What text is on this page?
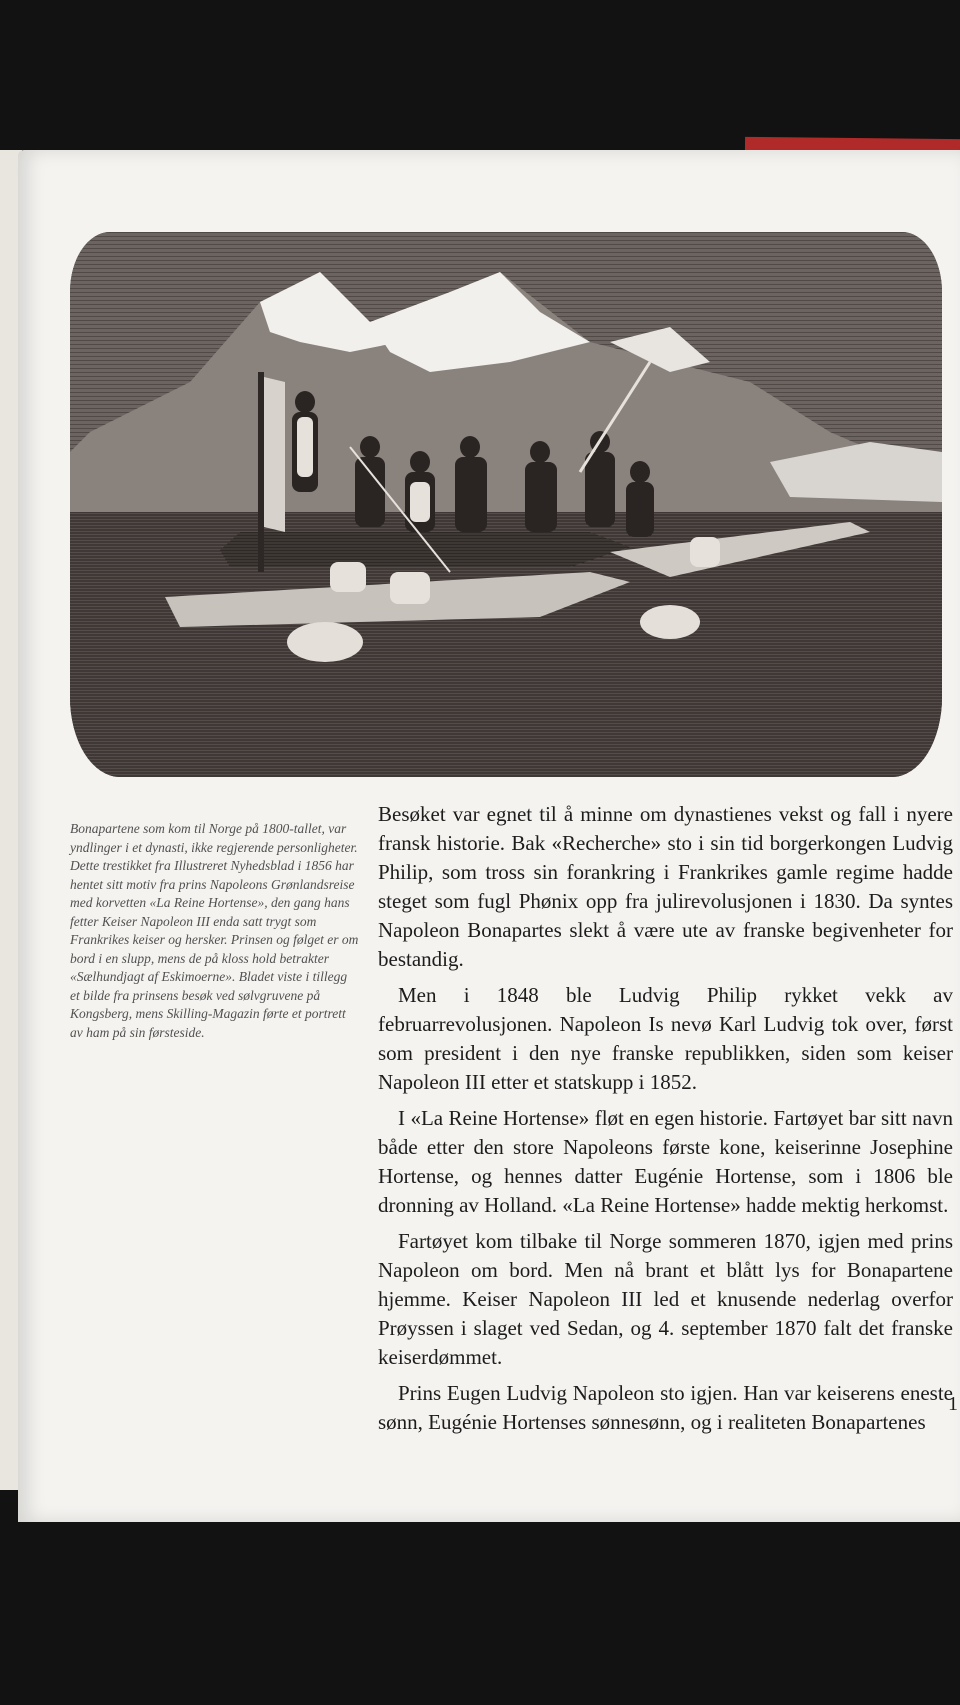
Bonapartene som kom til Norge på 1800-tallet, var yndlinger i et dynasti, ikke regjerende personligheter. Dette trestikket fra Illustreret Nyhedsblad i 1856 har hentet sitt motiv fra prins Napoleons Grønlandsreise med korvetten «La Reine Hortense», den gang hans fetter Keiser Napoleon III enda satt trygt som Frankrikes keiser og hersker. Prinsen og følget er om bord i en slupp, mens de på kloss hold betrakter «Sælhundjagt af Eskimoerne». Bladet viste i tillegg et bilde fra prinsens besøk ved sølvgruvene på Kongsberg, mens Skilling-Magazin førte et portrett av ham på sin førsteside.

Besøket var egnet til å minne om dynastienes vekst og fall i nyere fransk historie. Bak «Recherche» sto i sin tid borgerkongen Ludvig Philip, som tross sin forankring i Frankrikes gamle regime hadde steget som fugl Phønix opp fra julirevolusjonen i 1830. Da syntes Napoleon Bonapartes slekt å være ute av franske begivenheter for bestandig.

Men i 1848 ble Ludvig Philip rykket vekk av februarrevolusjonen. Napoleon Is nevø Karl Ludvig tok over, først som president i den nye franske republikken, siden som keiser Napoleon III etter et statskupp i 1852.

I «La Reine Hortense» fløt en egen historie. Fartøyet bar sitt navn både etter den store Napoleons første kone, keiserinne Josephine Hortense, og hennes datter Eugénie Hortense, som i 1806 ble dronning av Holland. «La Reine Hortense» hadde mektig herkomst.

Fartøyet kom tilbake til Norge sommeren 1870, igjen med prins Napoleon om bord. Men nå brant et blått lys for Bonapartene hjemme. Keiser Napoleon III led et knusende nederlag overfor Prøyssen i slaget ved Sedan, og 4. september 1870 falt det franske keiserdømmet.

Prins Eugen Ludvig Napoleon sto igjen. Han var keiserens eneste sønn, Eugénie Hortenses sønnesønn, og i realiteten Bonapartenes

1
